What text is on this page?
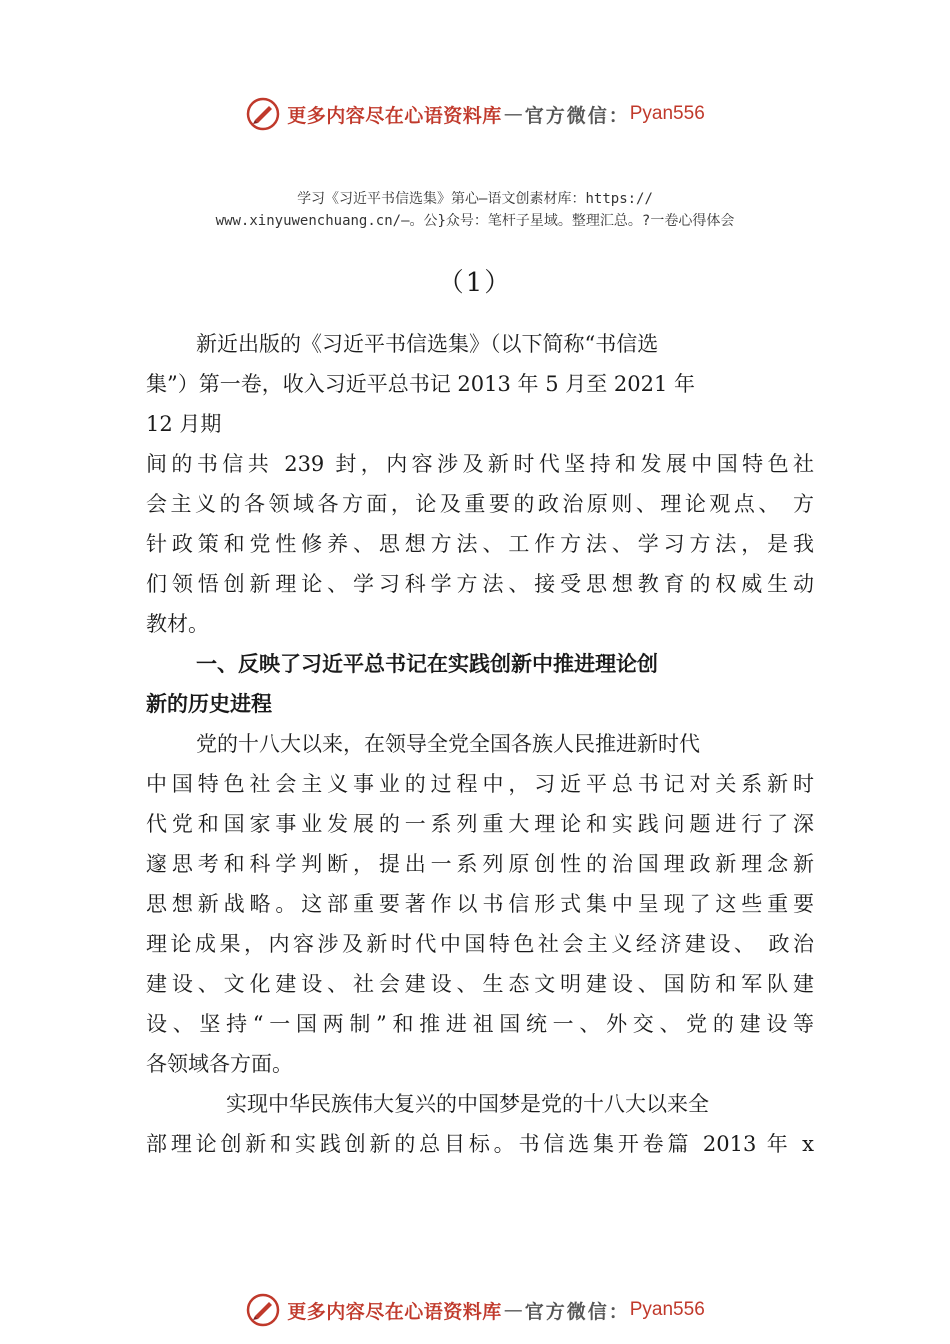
更多内容尽在心语资料库 — 官方微信： Pyan556
学习《习近平书信选集》第心—语文创素材库：https://
www.xinyuwenchuang.cn/—。公}众号：笔杆子星域。整理汇总。?一卷心得体会
（1）
新近出版的《习近平书信选集》（以下简称“书信选
集”）第一卷，收入习近平总书记 2013 年 5 月至 2021 年
12 月期
间的书信共 239 封，内容涉及新时代坚持和发展中国特色社
会主义的各领域各方面，论及重要的政治原则、理论观点、 方
针政策和党性修养、思想方法、工作方法、学习方法，是我
们领悟创新理论、学习科学方法、接受思想教育的权威生动
教材。
一、反映了习近平总书记在实践创新中推进理论创
新的历史进程
党的十八大以来，在领导全党全国各族人民推进新时代
中国特色社会主义事业的过程中，习近平总书记对关系新时
代党和国家事业发展的一系列重大理论和实践问题进行了深
邃思考和科学判断，提出一系列原创性的治国理政新理念新
思想新战略。这部重要著作以书信形式集中呈现了这些重要
理论成果，内容涉及新时代中国特色社会主义经济建设、 政治
建设、文化建设、社会建设、生态文明建设、国防和军队建
设、坚持“一国两制”和推进祖国统一、外交、党的建设等
各领域各方面。
实现中华民族伟大复兴的中国梦是党的十八大以来全
部理论创新和实践创新的总目标。书信选集开卷篇 2013 年 x
更多内容尽在心语资料库 — 官方微信： Pyan556
